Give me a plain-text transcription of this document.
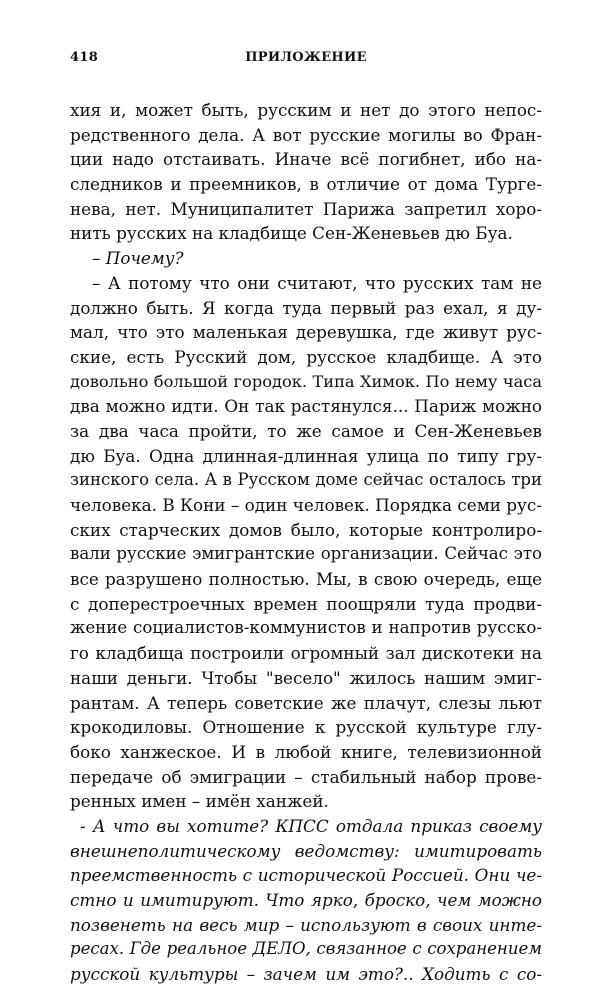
418	ПРИЛОЖЕНИЕ
хия и, может быть, русским и нет до этого непос-
редственного дела. А вот русские могилы во Фран-
ции надо отстаивать. Иначе всё погибнет, ибо на-
следников и преемников, в отличие от дома Турге-
нева, нет. Муниципалитет Парижа запретил хоро-
нить русских на кладбище Сен-Женевьев дю Буа.
– Почему?
– А потому что они считают, что русских там не
должно быть. Я когда туда первый раз ехал, я ду-
мал, что это маленькая деревушка, где живут рус-
ские, есть Русский дом, русское кладбище. А это
довольно большой городок. Типа Химок. По нему часа
два можно идти. Он так растянулся... Париж можно
за два часа пройти, то же самое и Сен-Женевьев
дю Буа. Одна длинная-длинная улица по типу гру-
зинского села. А в Русском доме сейчас осталось три
человека. В Кони – один человек. Порядка семи рус-
ских старческих домов было, которые контролиро-
вали русские эмигрантские организации. Сейчас это
все разрушено полностью. Мы, в свою очередь, еще
с доперестроечных времен поощряли туда продви-
жение социалистов-коммунистов и напротив русско-
го кладбища построили огромный зал дискотеки на
наши деньги. Чтобы "весело" жилось нашим эмиг-
рантам. А теперь советские же плачут, слезы льют
крокодиловы. Отношение к русской культуре глу-
боко ханжеское. И в любой книге, телевизионной
передаче об эмиграции – стабильный набор прове-
ренных имен – имён ханжей.
- А что вы хотите? КПСС отдала приказ своему
внешнеполитическому ведомству: имитировать
преемственность с исторической Россией. Они че-
стно и имитируют. Что ярко, броско, чем можно
позвенеть на весь мир – используют в своих инте-
ресах. Где реальное ДЕЛО, связанное с сохранением
русской культуры – зачем им это?.. Ходить с со-
